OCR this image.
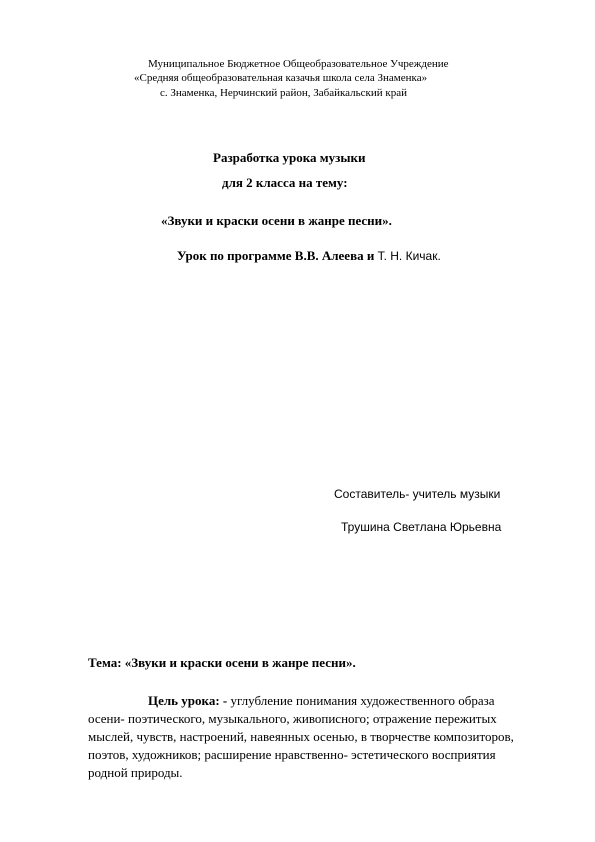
Муниципальное Бюджетное Общеобразовательное Учреждение
«Средняя общеобразовательная казачья школа села Знаменка»
с. Знаменка, Нерчинский район, Забайкальский край
Разработка урока музыки
для 2 класса на тему:
«Звуки и краски осени в жанре песни».
Урок по программе В.В. Алеева и Т. Н. Кичак.
Составитель- учитель музыки
Трушина Светлана Юрьевна
Тема: «Звуки и краски осени в жанре песни».
Цель урока: - углубление понимания художественного образа
осени- поэтического, музыкального, живописного; отражение пережитых
мыслей, чувств, настроений, навеянных осенью, в творчестве композиторов,
поэтов, художников; расширение нравственно- эстетического восприятия
родной природы.
